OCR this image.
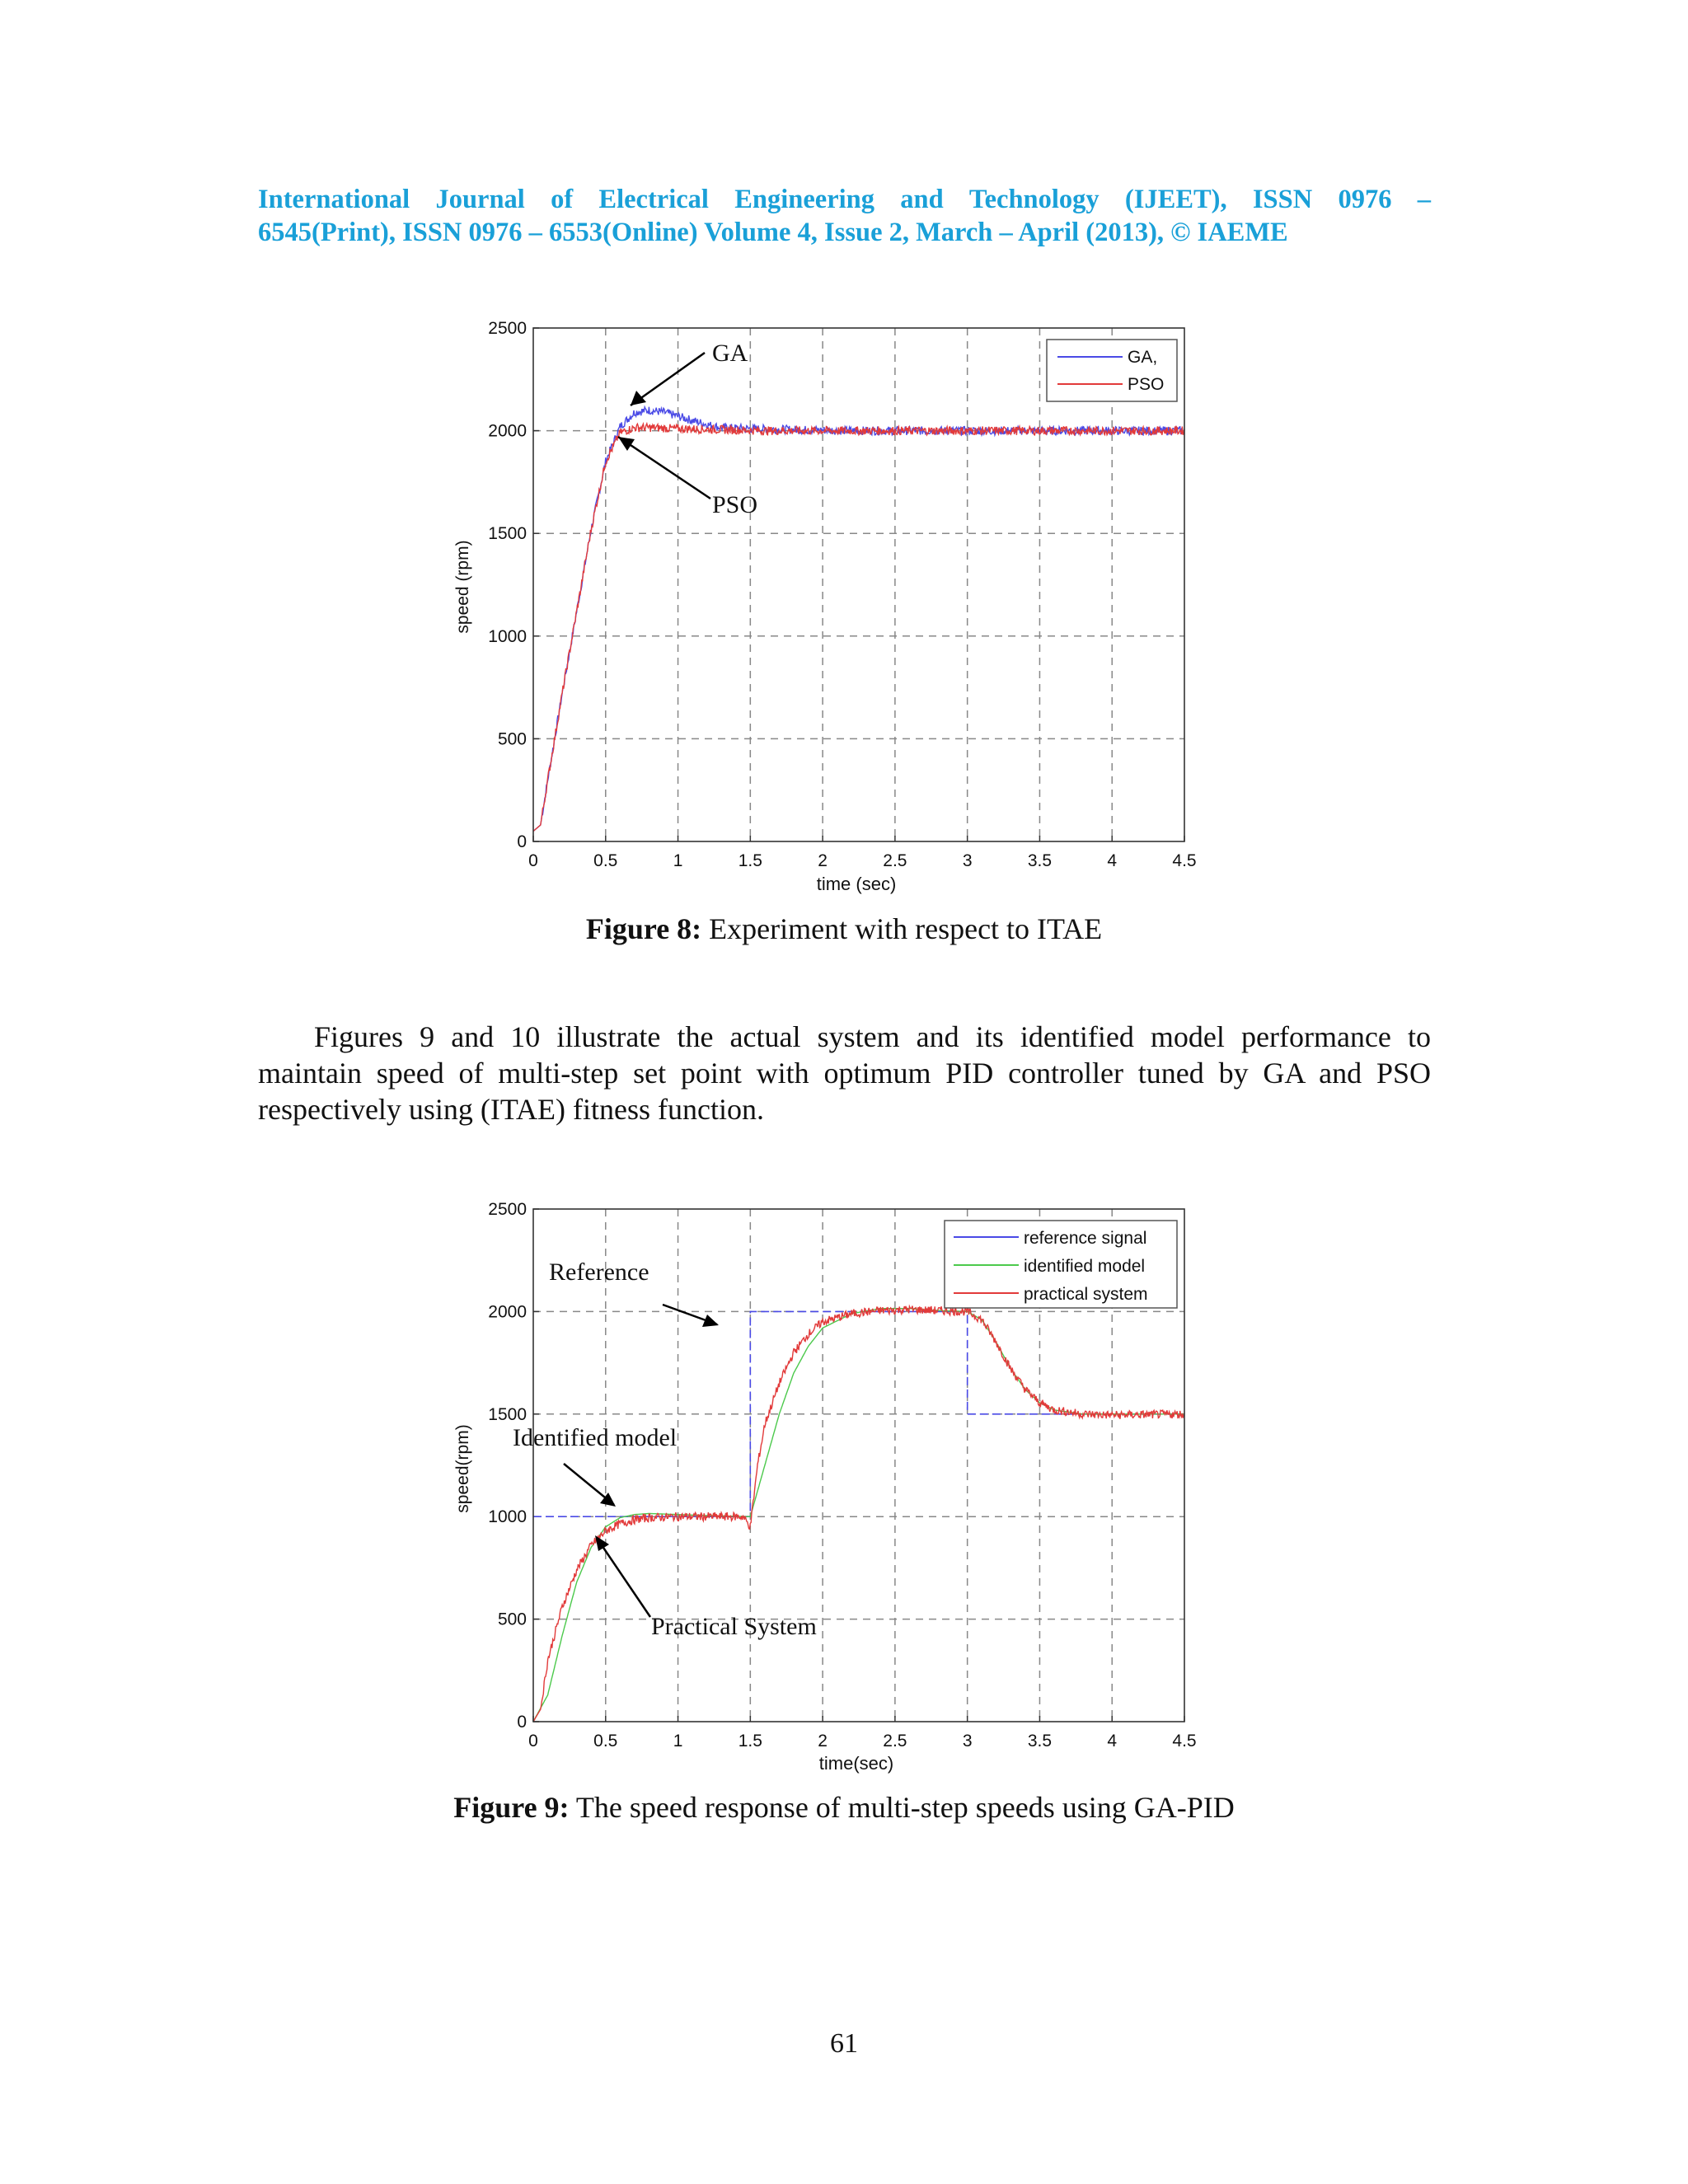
International Journal of Electrical Engineering and Technology (IJEET), ISSN 0976 –
6545(Print), ISSN 0976 – 6553(Online) Volume 4, Issue 2, March – April (2013), © IAEME
0	0.5	1	1.5	2	2.5	3	3.5	4	4.5
0
500
1000
1500
2000
2500
speed (rpm)
time (sec)
GA
PSO
GA,
PSO
Figure 8: Experiment with respect to ITAE
Figures 9 and 10 illustrate the actual system and its identified model performance to
maintain speed of multi-step set point with optimum PID controller tuned by GA and PSO
respectively using (ITAE) fitness function.
0	0.5	1	1.5	2	2.5	3	3.5	4	4.5
0
500
1000
1500
2000
2500
speed(rpm)
time(sec)
Reference
Identified model
Practical System
reference signal
identified model
practical system
Figure 9: The speed response of multi-step speeds using GA-PID
61
